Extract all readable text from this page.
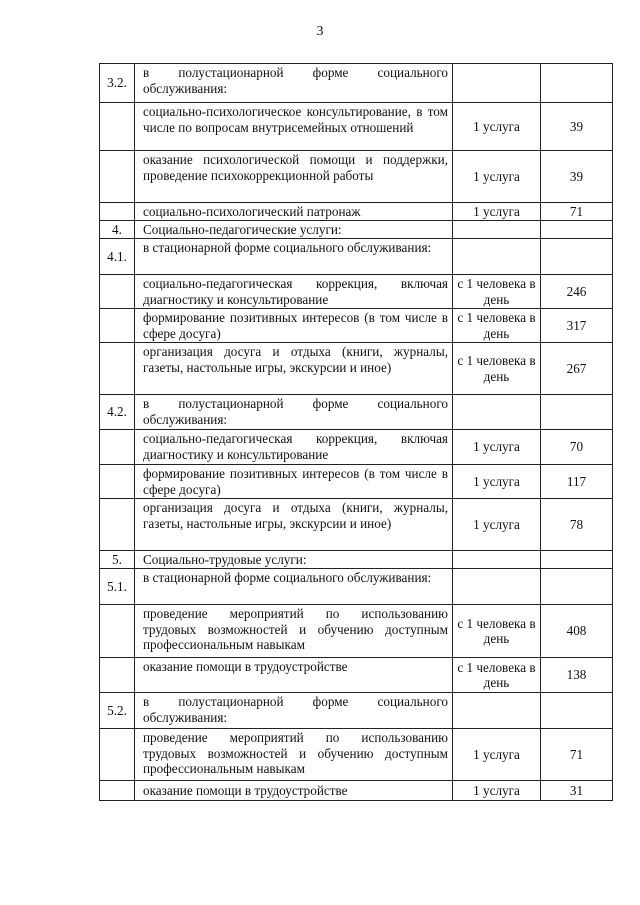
3
3.2.	в полустационарной форме социального обслуживания:		
	социально-психологическое консультирование, в том числе по вопросам внутрисемейных отношений	1 услуга	39
	оказание психологической помощи и поддержки, проведение психокоррекционной работы	1 услуга	39
	социально-психологический патронаж	1 услуга	71
4.	Социально-педагогические услуги:		
4.1.	в стационарной форме социального обслуживания:		
	социально-педагогическая коррекция, включая диагностику и консультирование	с 1 человека в день	246
	формирование позитивных интересов (в том числе в сфере досуга)	с 1 человека в день	317
	организация досуга и отдыха (книги, журналы, газеты, настольные игры, экскурсии и иное)	с 1 человека в день	267
4.2.	в полустационарной форме социального обслуживания:		
	социально-педагогическая коррекция, включая диагностику и консультирование	1 услуга	70
	формирование позитивных интересов (в том числе в сфере досуга)	1 услуга	117
	организация досуга и отдыха (книги, журналы, газеты, настольные игры, экскурсии и иное)	1 услуга	78
5.	Социально-трудовые услуги:		
5.1.	в стационарной форме социального обслуживания:		
	проведение мероприятий по использованию трудовых возможностей и обучению доступным профессиональным навыкам	с 1 человека в день	408
	оказание помощи в трудоустройстве	с 1 человека в день	138
5.2.	в полустационарной форме социального обслуживания:		
	проведение мероприятий по использованию трудовых возможностей и обучению доступным профессиональным навыкам	1 услуга	71
	оказание помощи в трудоустройстве	1 услуга	31
